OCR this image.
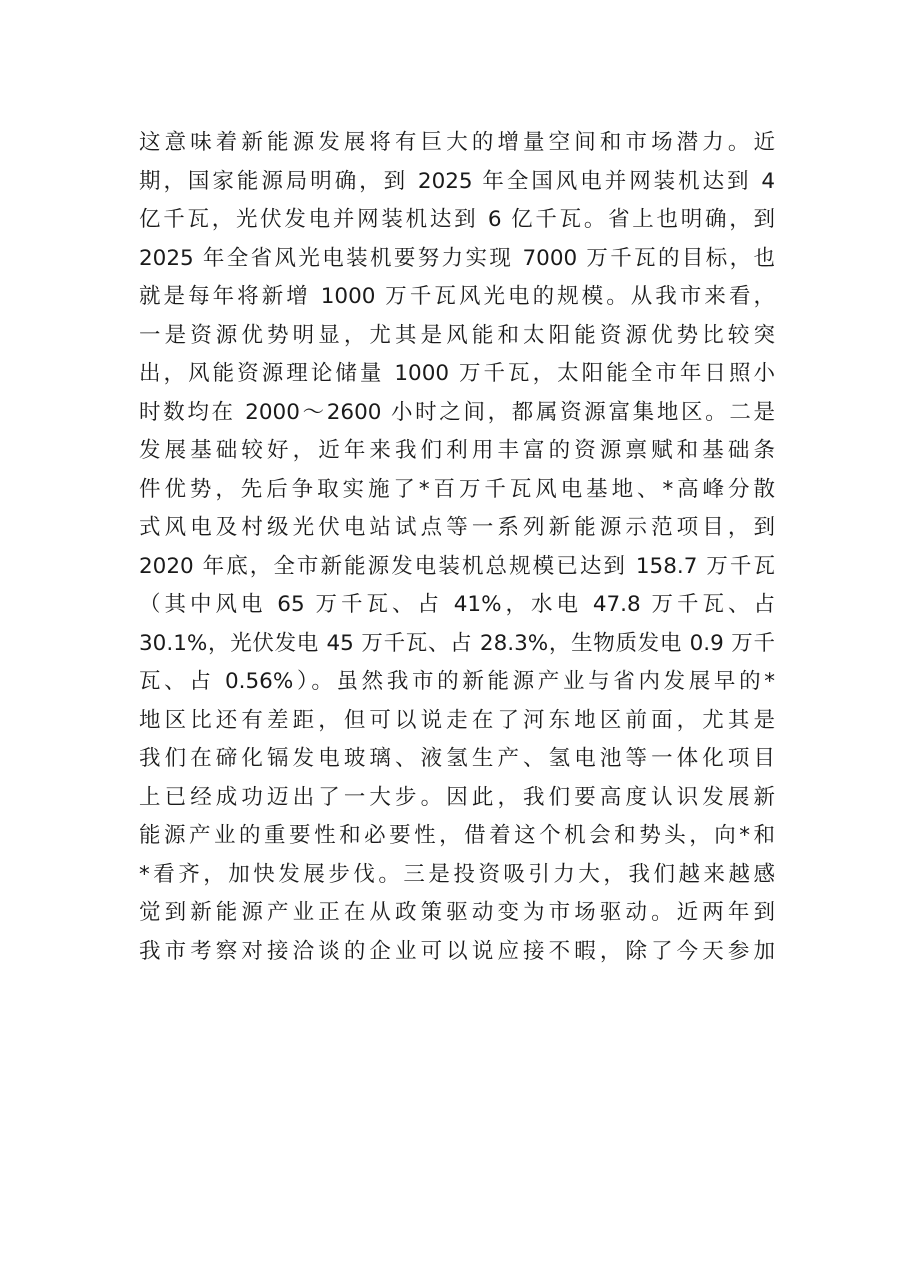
这意味着新能源发展将有巨大的增量空间和市场潜力。近
期，国家能源局明确，到 2025 年全国风电并网装机达到 4
亿千瓦，光伏发电并网装机达到 6 亿千瓦。省上也明确，到
2025 年全省风光电装机要努力实现 7000 万千瓦的目标，也
就是每年将新增 1000 万千瓦风光电的规模。从我市来看，
一是资源优势明显，尤其是风能和太阳能资源优势比较突
出，风能资源理论储量 1000 万千瓦，太阳能全市年日照小
时数均在 2000～2600 小时之间，都属资源富集地区。二是
发展基础较好，近年来我们利用丰富的资源禀赋和基础条
件优势，先后争取实施了*百万千瓦风电基地、*高峰分散
式风电及村级光伏电站试点等一系列新能源示范项目，到
2020 年底，全市新能源发电装机总规模已达到 158.7 万千瓦
（其中风电 65 万千瓦、占 41%，水电 47.8 万千瓦、占
30.1%，光伏发电 45 万千瓦、占 28.3%，生物质发电 0.9 万千
瓦、占 0.56%）。虽然我市的新能源产业与省内发展早的*
地区比还有差距，但可以说走在了河东地区前面，尤其是
我们在碲化镉发电玻璃、液氢生产、氢电池等一体化项目
上已经成功迈出了一大步。因此，我们要高度认识发展新
能源产业的重要性和必要性，借着这个机会和势头，向*和
*看齐，加快发展步伐。三是投资吸引力大，我们越来越感
觉到新能源产业正在从政策驱动变为市场驱动。近两年到
我市考察对接洽谈的企业可以说应接不暇，除了今天参加
